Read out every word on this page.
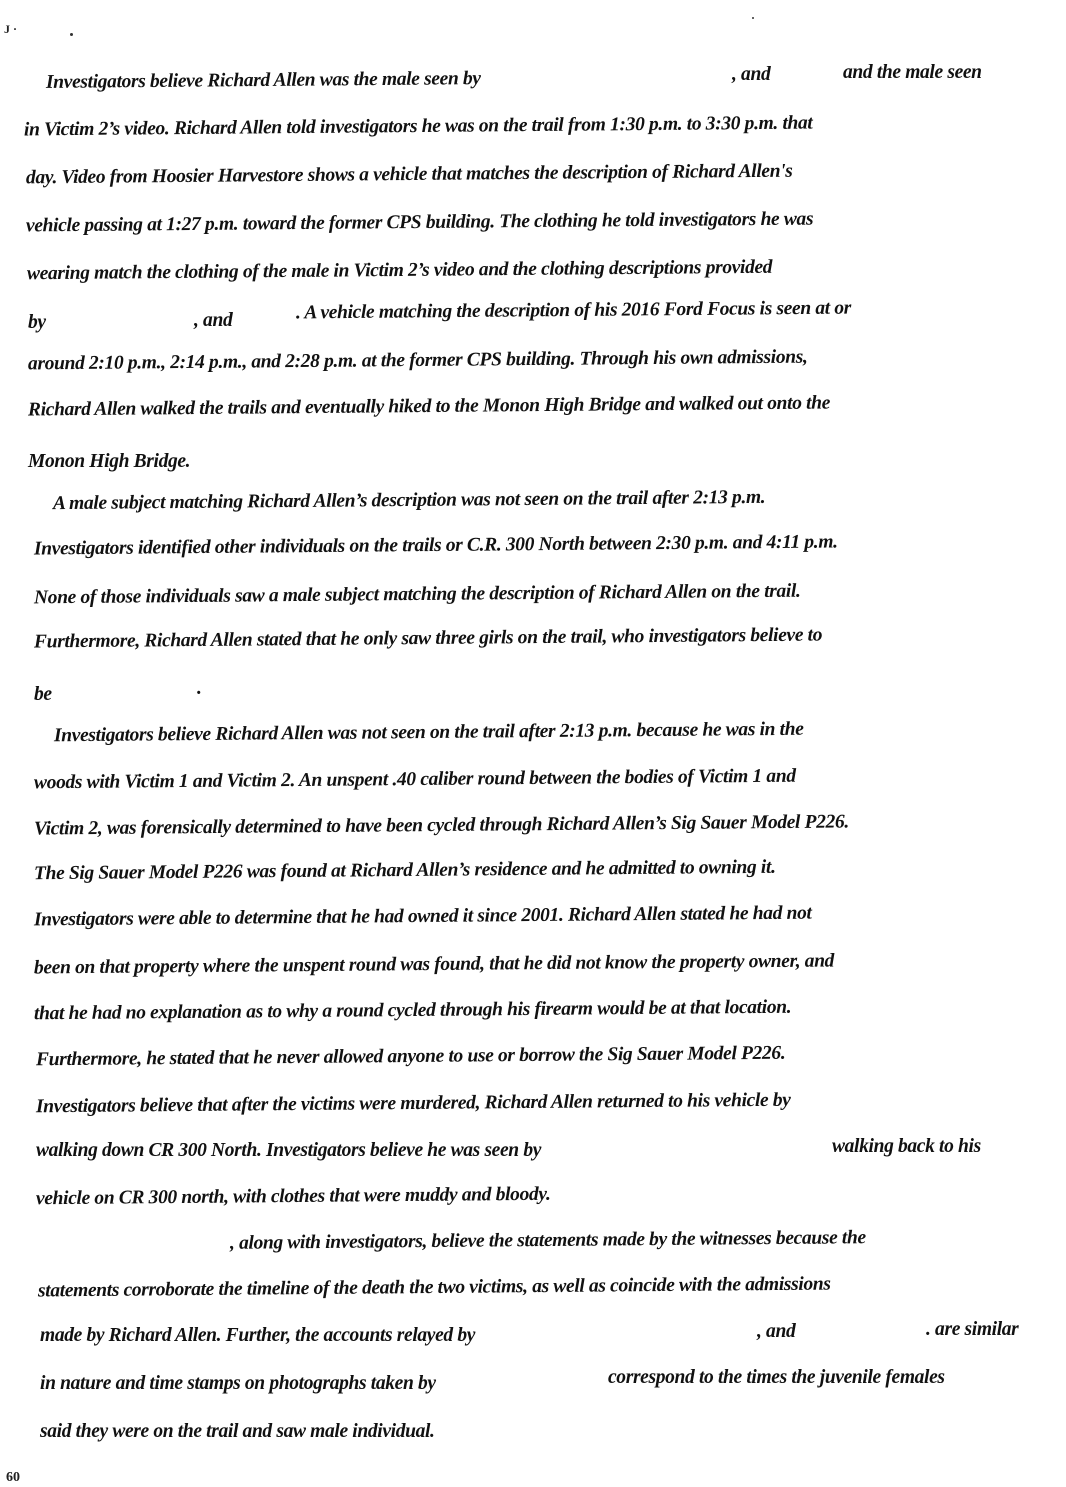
J ·
Investigators believe Richard Allen was the male seen by	, and	and the male seen
in Victim 2’s video. Richard Allen told investigators he was on the trail from 1:30 p.m. to 3:30 p.m. that
day. Video from Hoosier Harvestore shows a vehicle that matches the description of Richard Allen's
vehicle passing at 1:27 p.m. toward the former CPS building. The clothing he told investigators he was
wearing match the clothing of the male in Victim 2’s video and the clothing descriptions provided
by	, and	. A vehicle matching the description of his 2016 Ford Focus is seen at or
around 2:10 p.m., 2:14 p.m., and 2:28 p.m. at the former CPS building. Through his own admissions,
Richard Allen walked the trails and eventually hiked to the Monon High Bridge and walked out onto the
Monon High Bridge.
A male subject matching Richard Allen’s description was not seen on the trail after 2:13 p.m.
Investigators identified other individuals on the trails or C.R. 300 North between 2:30 p.m. and 4:11 p.m.
None of those individuals saw a male subject matching the description of Richard Allen on the trail.
Furthermore, Richard Allen stated that he only saw three girls on the trail, who investigators believe to
be	.
Investigators believe Richard Allen was not seen on the trail after 2:13 p.m. because he was in the
woods with Victim 1 and Victim 2. An unspent .40 caliber round between the bodies of Victim 1 and
Victim 2, was forensically determined to have been cycled through Richard Allen’s Sig Sauer Model P226.
The Sig Sauer Model P226 was found at Richard Allen’s residence and he admitted to owning it.
Investigators were able to determine that he had owned it since 2001. Richard Allen stated he had not
been on that property where the unspent round was found, that he did not know the property owner, and
that he had no explanation as to why a round cycled through his firearm would be at that location.
Furthermore, he stated that he never allowed anyone to use or borrow the Sig Sauer Model P226.
Investigators believe that after the victims were murdered, Richard Allen returned to his vehicle by
walking down CR 300 North. Investigators believe he was seen by	walking back to his
vehicle on CR 300 north, with clothes that were muddy and bloody.
, along with investigators, believe the statements made by the witnesses because the
statements corroborate the timeline of the death the two victims, as well as coincide with the admissions
made by Richard Allen. Further, the accounts relayed by	, and	. are similar
in nature and time stamps on photographs taken by	correspond to the times the juvenile females
said they were on the trail and saw male individual.
60
